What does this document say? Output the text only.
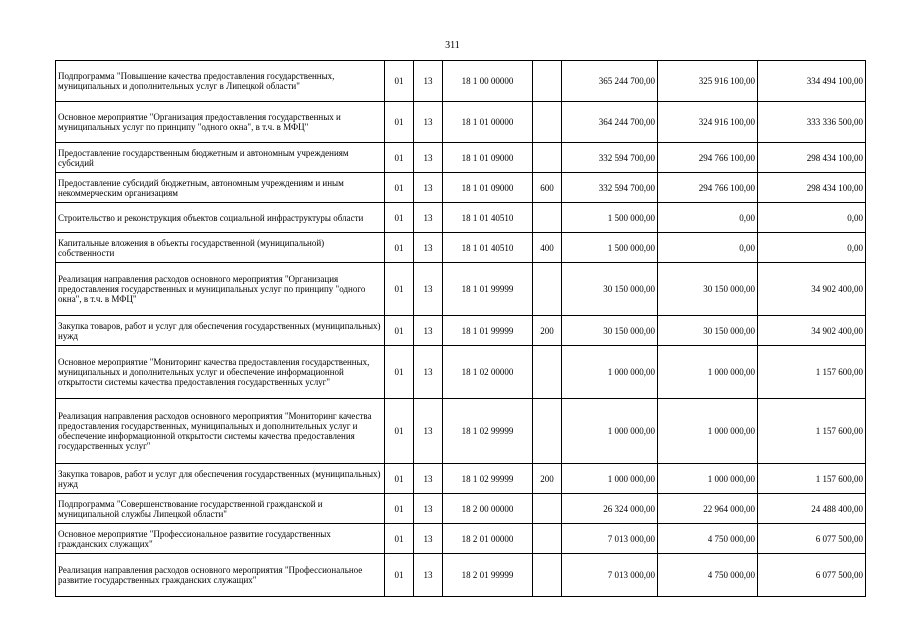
311
Подпрограмма "Повышение качества предоставления государственных, муниципальных и дополнительных услуг в Липецкой области"	01	13	18 1 00 00000		365 244 700,00	325 916 100,00	334 494 100,00
Основное мероприятие "Организация предоставления государственных и муниципальных услуг по принципу "одного окна", в т.ч. в МФЦ"	01	13	18 1 01 00000		364 244 700,00	324 916 100,00	333 336 500,00
Предоставление государственным бюджетным и автономным учреждениям субсидий	01	13	18 1 01 09000		332 594 700,00	294 766 100,00	298 434 100,00
Предоставление субсидий бюджетным, автономным учреждениям и иным некоммерческим организациям	01	13	18 1 01 09000	600	332 594 700,00	294 766 100,00	298 434 100,00
Строительство и реконструкция объектов социальной инфраструктуры области	01	13	18 1 01 40510		1 500 000,00	0,00	0,00
Капитальные вложения в объекты государственной (муниципальной) собственности	01	13	18 1 01 40510	400	1 500 000,00	0,00	0,00
Реализация направления расходов основного мероприятия "Организация предоставления государственных и муниципальных услуг по принципу "одного окна", в т.ч. в МФЦ"	01	13	18 1 01 99999		30 150 000,00	30 150 000,00	34 902 400,00
Закупка товаров, работ и услуг для обеспечения государственных (муниципальных) нужд	01	13	18 1 01 99999	200	30 150 000,00	30 150 000,00	34 902 400,00
Основное мероприятие "Мониторинг качества предоставления государственных, муниципальных и дополнительных услуг и обеспечение информационной открытости системы качества предоставления государственных услуг"	01	13	18 1 02 00000		1 000 000,00	1 000 000,00	1 157 600,00
Реализация направления расходов основного мероприятия "Мониторинг качества предоставления государственных, муниципальных и дополнительных услуг и обеспечение информационной открытости системы качества предоставления государственных услуг"	01	13	18 1 02 99999		1 000 000,00	1 000 000,00	1 157 600,00
Закупка товаров, работ и услуг для обеспечения государственных (муниципальных) нужд	01	13	18 1 02 99999	200	1 000 000,00	1 000 000,00	1 157 600,00
Подпрограмма "Совершенствование государственной гражданской и муниципальной службы Липецкой области"	01	13	18 2 00 00000		26 324 000,00	22 964 000,00	24 488 400,00
Основное мероприятие "Профессиональное развитие государственных гражданских служащих"	01	13	18 2 01 00000		7 013 000,00	4 750 000,00	6 077 500,00
Реализация направления расходов основного мероприятия "Профессиональное развитие государственных гражданских служащих"	01	13	18 2 01 99999		7 013 000,00	4 750 000,00	6 077 500,00
